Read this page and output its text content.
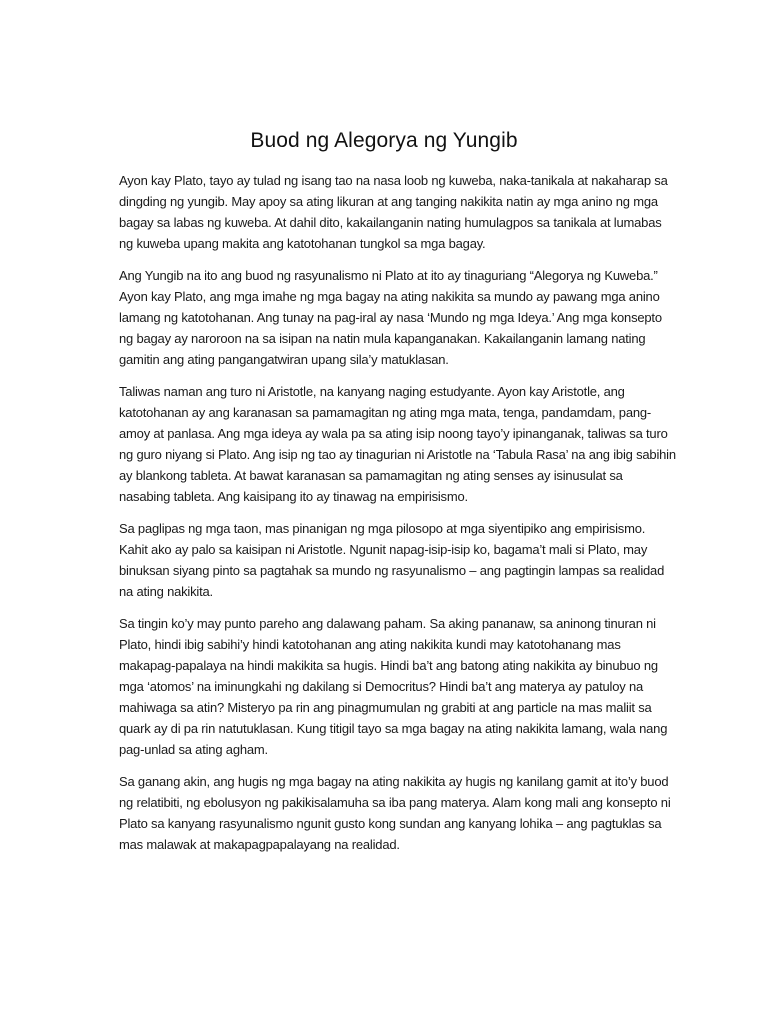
Buod ng Alegorya ng Yungib

Ayon kay Plato, tayo ay tulad ng isang tao na nasa loob ng kuweba, naka-tanikala at nakaharap sa dingding ng yungib. May apoy sa ating likuran at ang tanging nakikita natin ay mga anino ng mga bagay sa labas ng kuweba. At dahil dito, kakailanganin nating humulagpos sa tanikala at lumabas ng kuweba upang makita ang katotohanan tungkol sa mga bagay.

Ang Yungib na ito ang buod ng rasyunalismo ni Plato at ito ay tinaguriang “Alegorya ng Kuweba.” Ayon kay Plato, ang mga imahe ng mga bagay na ating nakikita sa mundo ay pawang mga anino lamang ng katotohanan. Ang tunay na pag-iral ay nasa ‘Mundo ng mga Ideya.’ Ang mga konsepto ng bagay ay naroroon na sa isipan na natin mula kapanganakan. Kakailanganin lamang nating gamitin ang ating pangangatwiran upang sila’y matuklasan.

Taliwas naman ang turo ni Aristotle, na kanyang naging estudyante. Ayon kay Aristotle, ang katotohanan ay ang karanasan sa pamamagitan ng ating mga mata, tenga, pandamdam, pang-amoy at panlasa. Ang mga ideya ay wala pa sa ating isip noong tayo’y ipinanganak, taliwas sa turo ng guro niyang si Plato. Ang isip ng tao ay tinagurian ni Aristotle na ‘Tabula Rasa’ na ang ibig sabihin ay blankong tableta. At bawat karanasan sa pamamagitan ng ating senses ay isinusulat sa nasabing tableta. Ang kaisipang ito ay tinawag na empirisismo.

Sa paglipas ng mga taon, mas pinanigan ng mga pilosopo at mga siyentipiko ang empirisismo. Kahit ako ay palo sa kaisipan ni Aristotle. Ngunit napag-isip-isip ko, bagama’t mali si Plato, may binuksan siyang pinto sa pagtahak sa mundo ng rasyunalismo – ang pagtingin lampas sa realidad na ating nakikita.

Sa tingin ko’y may punto pareho ang dalawang paham. Sa aking pananaw, sa aninong tinuran ni Plato, hindi ibig sabihi’y hindi katotohanan ang ating nakikita kundi may katotohanang mas makapag-papalaya na hindi makikita sa hugis. Hindi ba’t ang batong ating nakikita ay binubuo ng mga ‘atomos’ na iminungkahi ng dakilang si Democritus? Hindi ba’t ang materya ay patuloy na mahiwaga sa atin? Misteryo pa rin ang pinagmumulan ng grabiti at ang particle na mas maliit sa quark ay di pa rin natutuklasan. Kung titigil tayo sa mga bagay na ating nakikita lamang, wala nang pag-unlad sa ating agham.

Sa ganang akin, ang hugis ng mga bagay na ating nakikita ay hugis ng kanilang gamit at ito’y buod ng relatibiti, ng ebolusyon ng pakikisalamuha sa iba pang materya. Alam kong mali ang konsepto ni Plato sa kanyang rasyunalismo ngunit gusto kong sundan ang kanyang lohika – ang pagtuklas sa mas malawak at makapagpapalayang na realidad.
